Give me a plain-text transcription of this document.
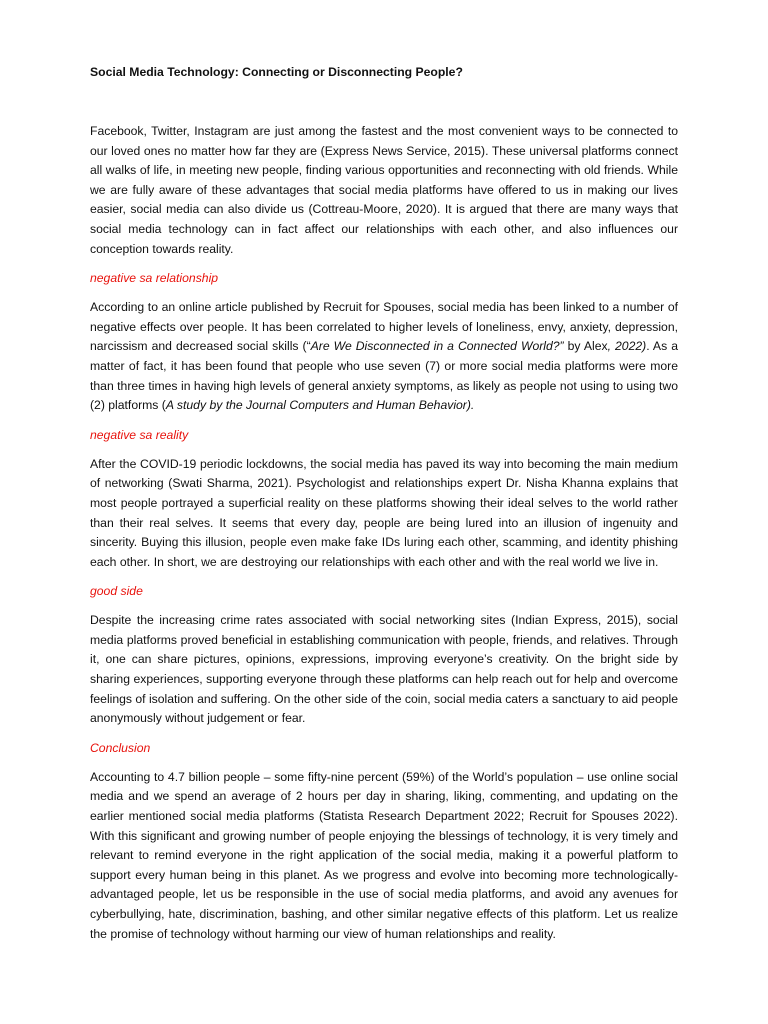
Social Media Technology: Connecting or Disconnecting People?

Facebook, Twitter, Instagram are just among the fastest and the most convenient ways to be connected to our loved ones no matter how far they are (Express News Service, 2015). These universal platforms connect all walks of life, in meeting new people, finding various opportunities and reconnecting with old friends. While we are fully aware of these advantages that social media platforms have offered to us in making our lives easier, social media can also divide us (Cottreau-Moore, 2020). It is argued that there are many ways that social media technology can in fact affect our relationships with each other, and also influences our conception towards reality.

negative sa relationship

According to an online article published by Recruit for Spouses, social media has been linked to a number of negative effects over people. It has been correlated to higher levels of loneliness, envy, anxiety, depression, narcissism and decreased social skills (“Are We Disconnected in a Connected World?” by Alex, 2022). As a matter of fact, it has been found that people who use seven (7) or more social media platforms were more than three times in having high levels of general anxiety symptoms, as likely as people not using to using two (2) platforms (A study by the Journal Computers and Human Behavior).

negative sa reality

After the COVID-19 periodic lockdowns, the social media has paved its way into becoming the main medium of networking (Swati Sharma, 2021). Psychologist and relationships expert Dr. Nisha Khanna explains that most people portrayed a superficial reality on these platforms showing their ideal selves to the world rather than their real selves. It seems that every day, people are being lured into an illusion of ingenuity and sincerity. Buying this illusion, people even make fake IDs luring each other, scamming, and identity phishing each other. In short, we are destroying our relationships with each other and with the real world we live in.

good side

Despite the increasing crime rates associated with social networking sites (Indian Express, 2015), social media platforms proved beneficial in establishing communication with people, friends, and relatives. Through it, one can share pictures, opinions, expressions, improving everyone’s creativity. On the bright side by sharing experiences, supporting everyone through these platforms can help reach out for help and overcome feelings of isolation and suffering. On the other side of the coin, social media caters a sanctuary to aid people anonymously without judgement or fear.

Conclusion

Accounting to 4.7 billion people – some fifty-nine percent (59%) of the World’s population – use online social media and we spend an average of 2 hours per day in sharing, liking, commenting, and updating on the earlier mentioned social media platforms (Statista Research Department 2022; Recruit for Spouses 2022). With this significant and growing number of people enjoying the blessings of technology, it is very timely and relevant to remind everyone in the right application of the social media, making it a powerful platform to support every human being in this planet. As we progress and evolve into becoming more technologically-advantaged people, let us be responsible in the use of social media platforms, and avoid any avenues for cyberbullying, hate, discrimination, bashing, and other similar negative effects of this platform. Let us realize the promise of technology without harming our view of human relationships and reality.
